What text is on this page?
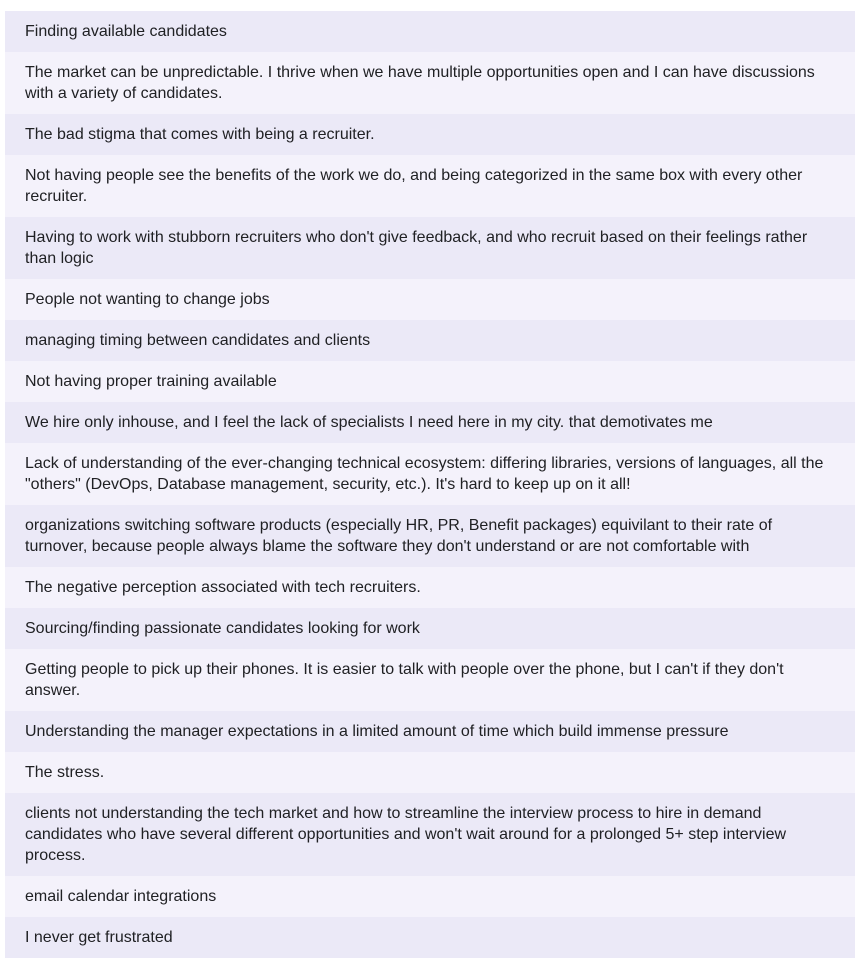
Finding available candidates
The market can be unpredictable. I thrive when we have multiple opportunities open and I can have discussions with a variety of candidates.
The bad stigma that comes with being a recruiter.
Not having people see the benefits of the work we do, and being categorized in the same box with every other recruiter.
Having to work with stubborn recruiters who don't give feedback, and who recruit based on their feelings rather than logic
People not wanting to change jobs
managing timing between candidates and clients
Not having proper training available
We hire only inhouse, and I feel the lack of specialists I need here in my city. that demotivates me
Lack of understanding of the ever-changing technical ecosystem: differing libraries, versions of languages, all the "others" (DevOps, Database management, security, etc.). It's hard to keep up on it all!
organizations switching software products (especially HR, PR, Benefit packages) equivilant to their rate of turnover, because people always blame the software they don't understand or are not comfortable with
The negative perception associated with tech recruiters.
Sourcing/finding passionate candidates looking for work
Getting people to pick up their phones. It is easier to talk with people over the phone, but I can't if they don't answer.
Understanding the manager expectations in a limited amount of time which build immense pressure
The stress.
clients not understanding the tech market and how to streamline the interview process to hire in demand candidates who have several different opportunities and won't wait around for a prolonged 5+ step interview process.
email calendar integrations
I never get frustrated
